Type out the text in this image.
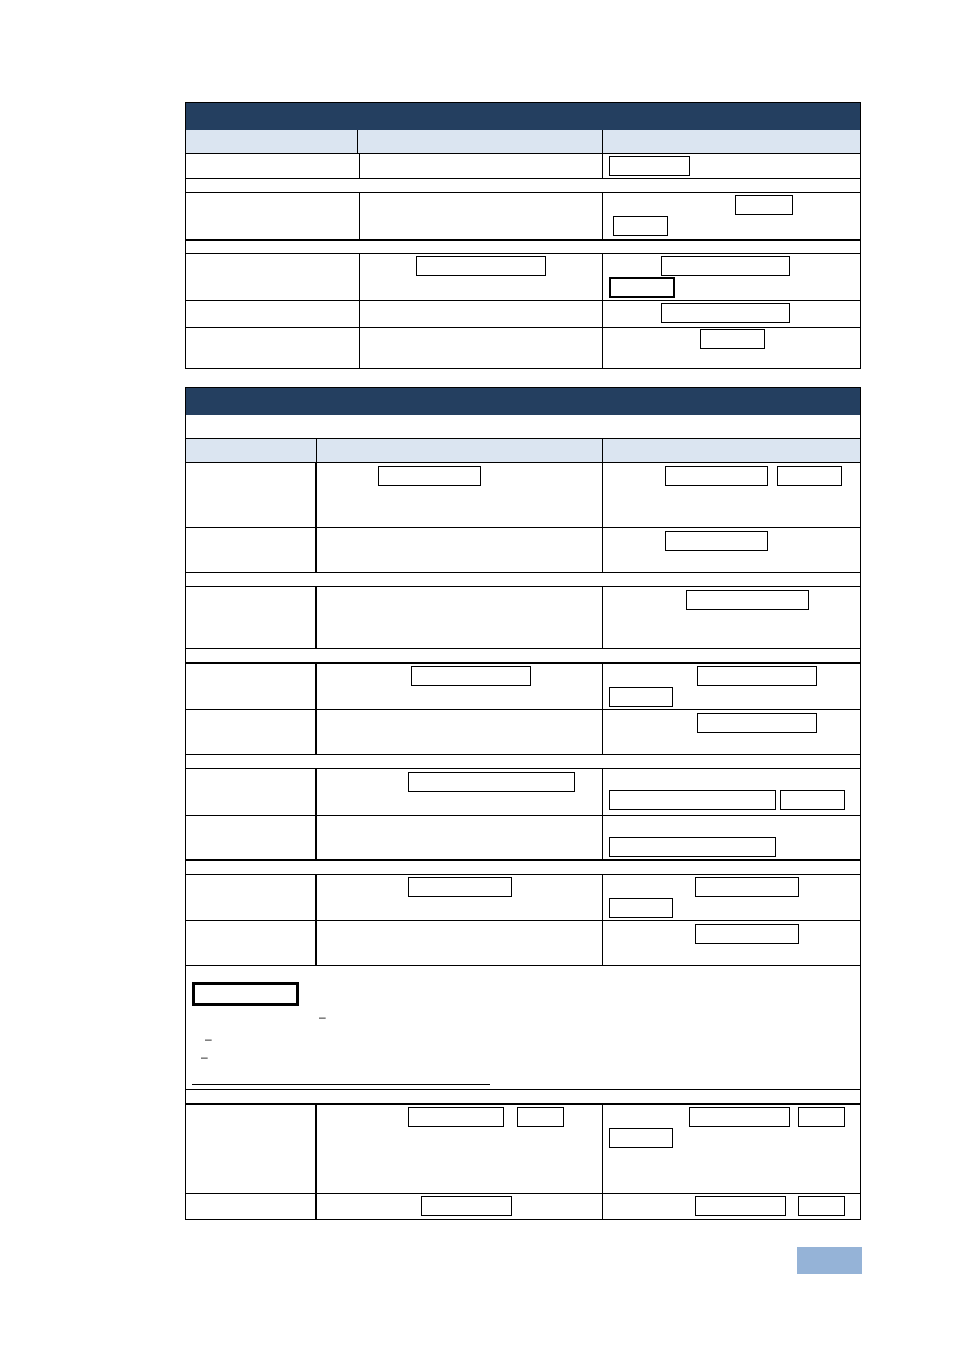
–
–
–
